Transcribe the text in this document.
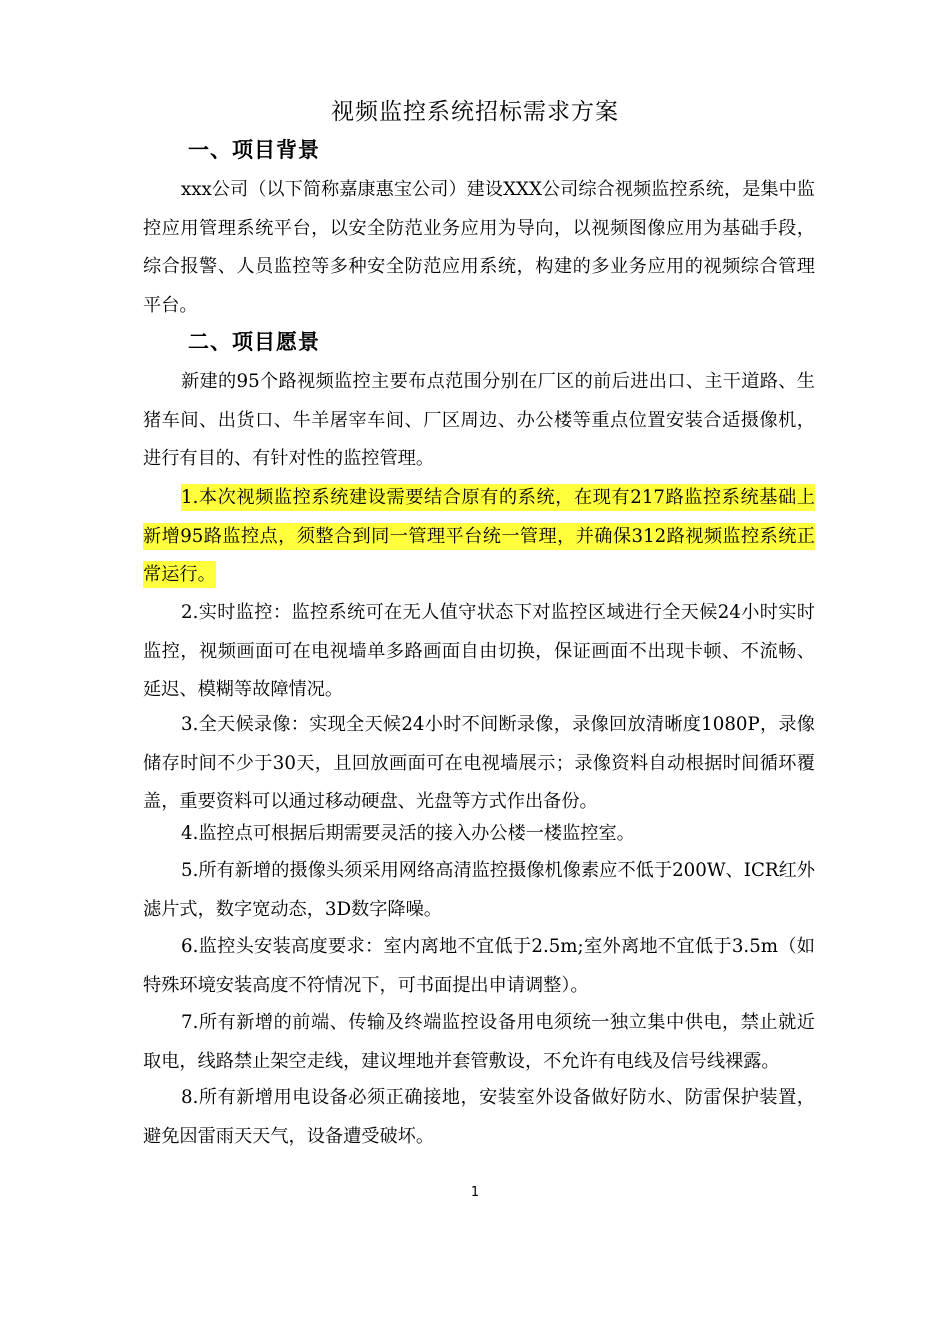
视频监控系统招标需求方案
一、项目背景

xxx公司（以下简称嘉康惠宝公司）建设XXX公司综合视频监控系统，是集中监控应用管理系统平台，以安全防范业务应用为导向，以视频图像应用为基础手段，综合报警、人员监控等多种安全防范应用系统，构建的多业务应用的视频综合管理平台。

二、项目愿景

新建的95个路视频监控主要布点范围分别在厂区的前后进出口、主干道路、生猪车间、出货口、牛羊屠宰车间、厂区周边、办公楼等重点位置安装合适摄像机，进行有目的、有针对性的监控管理。

1.本次视频监控系统建设需要结合原有的系统，在现有217路监控系统基础上新增95路监控点，须整合到同一管理平台统一管理，并确保312路视频监控系统正常运行。

2.实时监控：监控系统可在无人值守状态下对监控区域进行全天候24小时实时监控，视频画面可在电视墙单多路画面自由切换，保证画面不出现卡顿、不流畅、延迟、模糊等故障情况。

3.全天候录像：实现全天候24小时不间断录像，录像回放清晰度1080P，录像储存时间不少于30天，且回放画面可在电视墙展示；录像资料自动根据时间循环覆盖，重要资料可以通过移动硬盘、光盘等方式作出备份。

4.监控点可根据后期需要灵活的接入办公楼一楼监控室。

5.所有新增的摄像头须采用网络高清监控摄像机像素应不低于200W、ICR红外滤片式，数字宽动态，3D数字降噪。

6.监控头安装高度要求：室内离地不宜低于2.5m;室外离地不宜低于3.5m（如特殊环境安装高度不符情况下，可书面提出申请调整）。

7.所有新增的前端、传输及终端监控设备用电须统一独立集中供电，禁止就近取电，线路禁止架空走线，建议埋地并套管敷设，不允许有电线及信号线裸露。

8.所有新增用电设备必须正确接地，安装室外设备做好防水、防雷保护装置，避免因雷雨天天气，设备遭受破坏。

1
